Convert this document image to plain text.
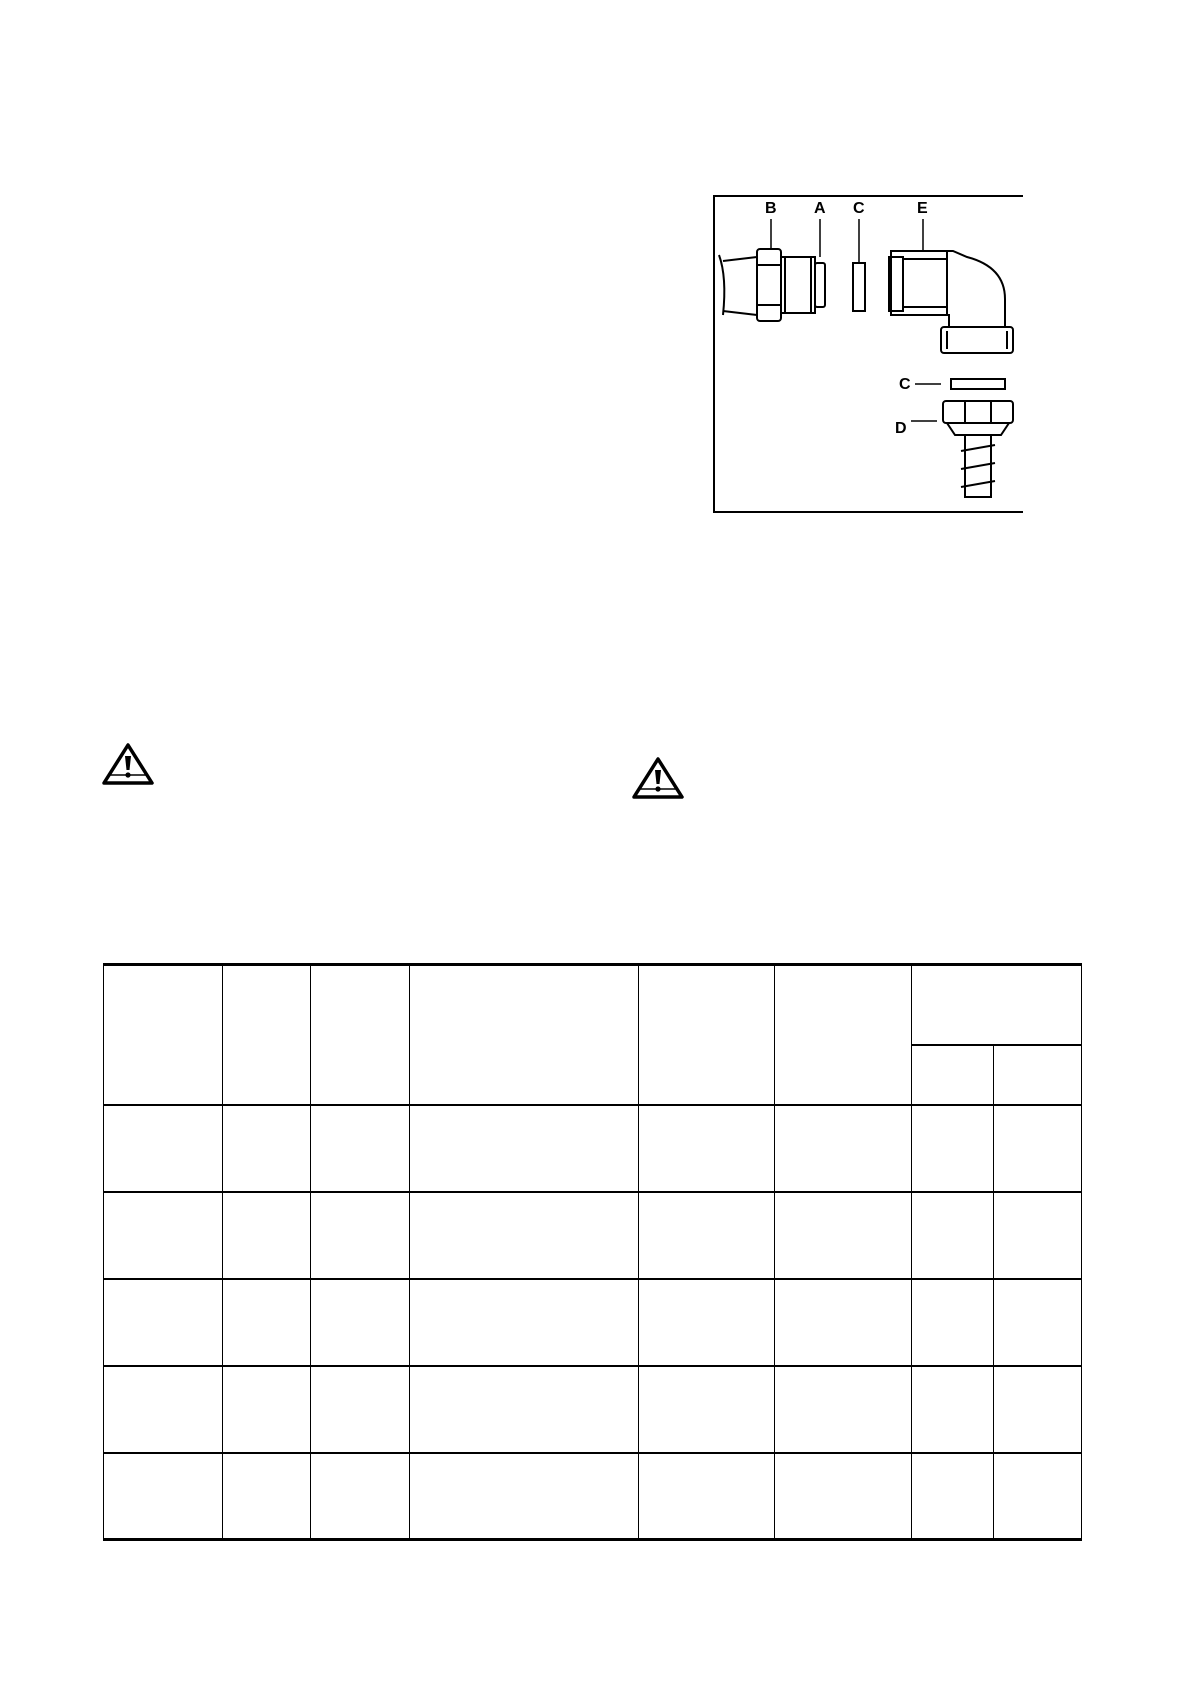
B A C	E
C
D
